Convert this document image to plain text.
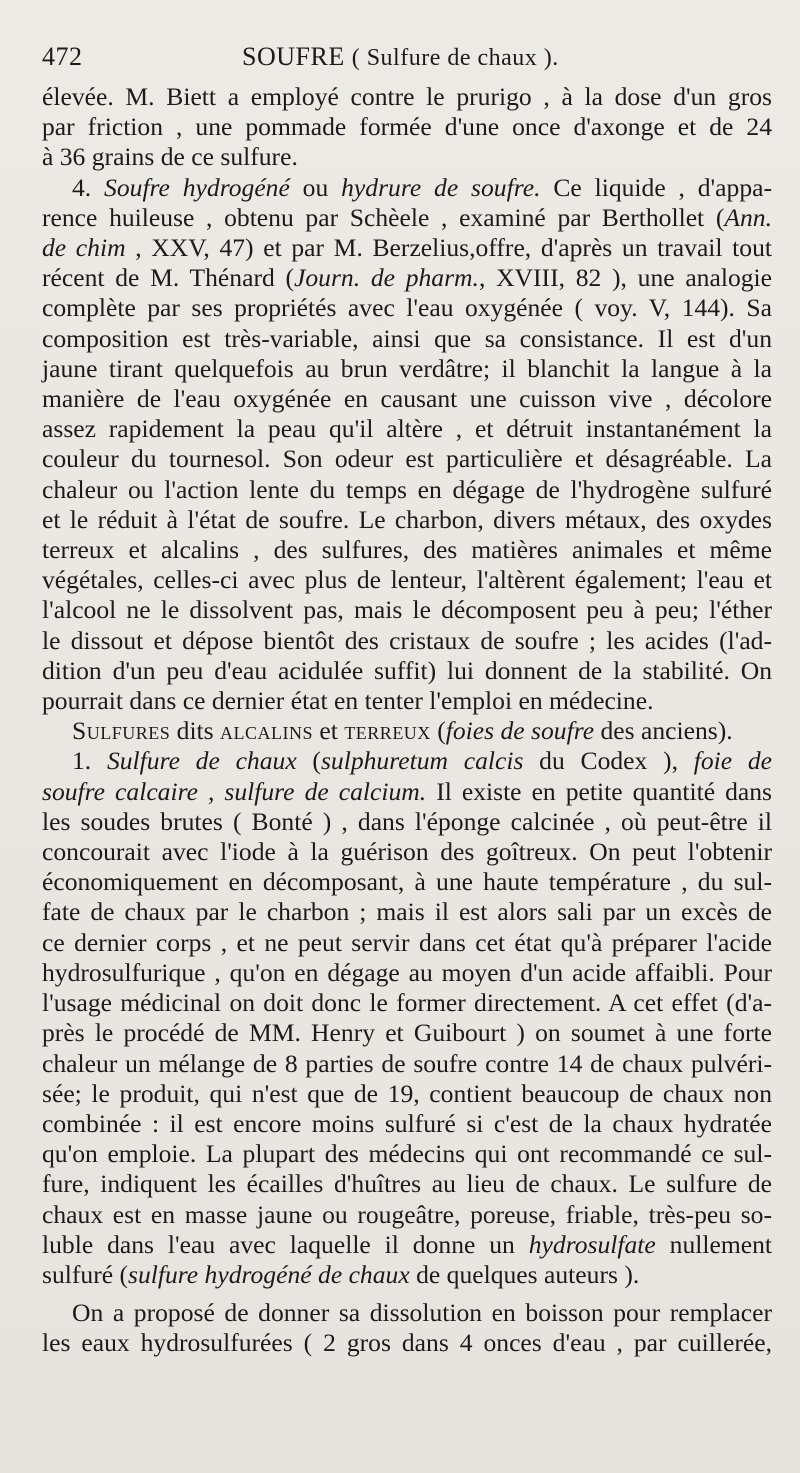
472	SOUFRE ( Sulfure de chaux ).

élevée. M. Biett a employé contre le prurigo , à la dose d'un gros
par friction , une pommade formée d'une once d'axonge et de 24
à 36 grains de ce sulfure.

4. Soufre hydrogéné ou hydrure de soufre. Ce liquide , d'appa-
rence huileuse , obtenu par Schèele , examiné par Berthollet (Ann.
de chim , XXV, 47) et par M. Berzelius,offre, d'après un travail tout
récent de M. Thénard (Journ. de pharm., XVIII, 82 ), une analogie
complète par ses propriétés avec l'eau oxygénée ( voy. V, 144). Sa
composition est très-variable, ainsi que sa consistance. Il est d'un
jaune tirant quelquefois au brun verdâtre; il blanchit la langue à la
manière de l'eau oxygénée en causant une cuisson vive , décolore
assez rapidement la peau qu'il altère , et détruit instantanément la
couleur du tournesol. Son odeur est particulière et désagréable. La
chaleur ou l'action lente du temps en dégage de l'hydrogène sulfuré
et le réduit à l'état de soufre. Le charbon, divers métaux, des oxydes
terreux et alcalins , des sulfures, des matières animales et même
végétales, celles-ci avec plus de lenteur, l'altèrent également; l'eau et
l'alcool ne le dissolvent pas, mais le décomposent peu à peu; l'éther
le dissout et dépose bientôt des cristaux de soufre ; les acides (l'ad-
dition d'un peu d'eau acidulée suffit) lui donnent de la stabilité. On
pourrait dans ce dernier état en tenter l'emploi en médecine.

Sulfures dits alcalins et terreux (foies de soufre des anciens).

1. Sulfure de chaux (sulphuretum calcis du Codex ), foie de
soufre calcaire , sulfure de calcium. Il existe en petite quantité dans
les soudes brutes ( Bonté ) , dans l'éponge calcinée , où peut-être il
concourait avec l'iode à la guérison des goîtreux. On peut l'obtenir
économiquement en décomposant, à une haute température , du sul-
fate de chaux par le charbon ; mais il est alors sali par un excès de
ce dernier corps , et ne peut servir dans cet état qu'à préparer l'acide
hydrosulfurique , qu'on en dégage au moyen d'un acide affaibli. Pour
l'usage médicinal on doit donc le former directement. A cet effet (d'a-
près le procédé de MM. Henry et Guibourt ) on soumet à une forte
chaleur un mélange de 8 parties de soufre contre 14 de chaux pulvéri-
sée; le produit, qui n'est que de 19, contient beaucoup de chaux non
combinée : il est encore moins sulfuré si c'est de la chaux hydratée
qu'on emploie. La plupart des médecins qui ont recommandé ce sul-
fure, indiquent les écailles d'huîtres au lieu de chaux. Le sulfure de
chaux est en masse jaune ou rougeâtre, poreuse, friable, très-peu so-
luble dans l'eau avec laquelle il donne un hydrosulfate nullement
sulfuré (sulfure hydrogéné de chaux de quelques auteurs ).

On a proposé de donner sa dissolution en boisson pour remplacer
les eaux hydrosulfurées ( 2 gros dans 4 onces d'eau , par cuillerée,
